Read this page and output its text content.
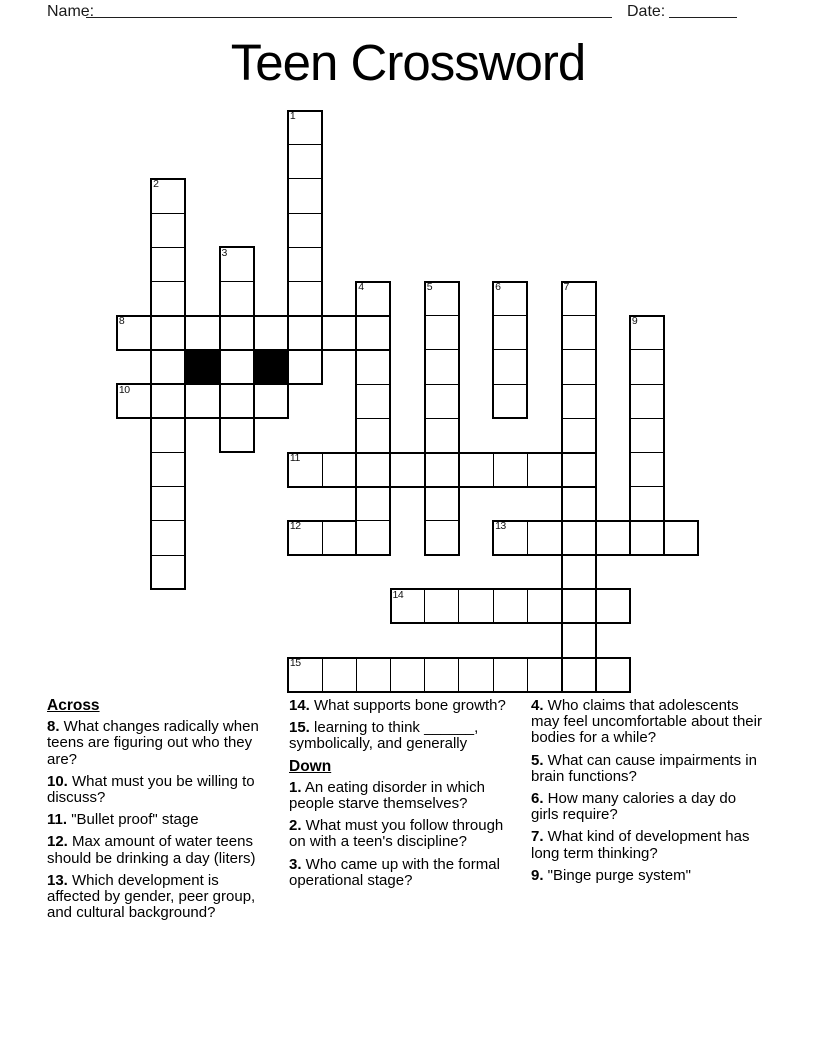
Name:	Date:
Teen Crossword
1
2
3
4	5	6	7
8	9
10
11
12	13
14
15
Across
8. What changes radically when teens are figuring out who they are?
10. What must you be willing to discuss?
11. "Bullet proof" stage
12. Max amount of water teens should be drinking a day (liters)
13. Which development is affected by gender, peer group, and cultural background?
14. What supports bone growth?
15. learning to think ______, symbolically, and generally
Down
1. An eating disorder in which people starve themselves?
2. What must you follow through on with a teen's discipline?
3. Who came up with the formal operational stage?
4. Who claims that adolescents may feel uncomfortable about their bodies for a while?
5. What can cause impairments in brain functions?
6. How many calories a day do girls require?
7. What kind of development has long term thinking?
9. "Binge purge system"
